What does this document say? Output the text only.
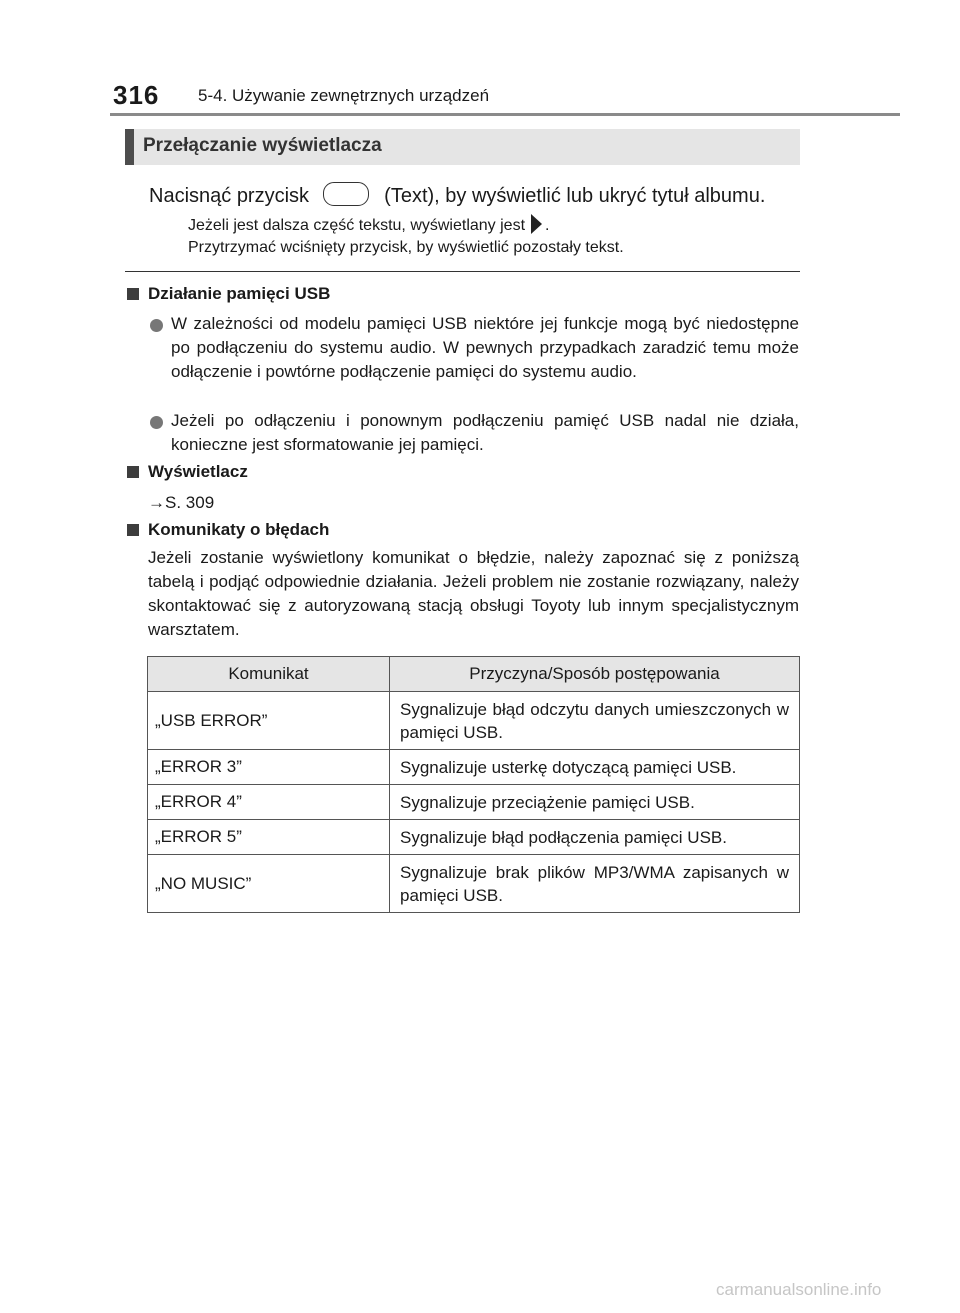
316 5-4. Używanie zewnętrznych urządzeń
Przełączanie wyświetlacza
Nacisnąć przycisk	(Text), by wyświetlić lub ukryć tytuł albumu.
Jeżeli jest dalsza część tekstu, wyświetlany jest .
Przytrzymać wciśnięty przycisk, by wyświetlić pozostały tekst.
Działanie pamięci USB
W zależności od modelu pamięci USB niektóre jej funkcje mogą być niedostępne po podłączeniu do systemu audio. W pewnych przypadkach zaradzić temu może odłączenie i powtórne podłączenie pamięci do systemu audio.
Jeżeli po odłączeniu i ponownym podłączeniu pamięć USB nadal nie działa, konieczne jest sformatowanie jej pamięci.
Wyświetlacz
→S. 309
Komunikaty o błędach
Jeżeli zostanie wyświetlony komunikat o błędzie, należy zapoznać się z poniższą tabelą i podjąć odpowiednie działania. Jeżeli problem nie zostanie rozwiązany, należy skontaktować się z autoryzowaną stacją obsługi Toyoty lub innym specjalistycznym warsztatem.
Komunikat	Przyczyna/Sposób postępowania
„USB ERROR”	Sygnalizuje błąd odczytu danych umieszczonych w pamięci USB.
„ERROR 3”	Sygnalizuje usterkę dotyczącą pamięci USB.
„ERROR 4”	Sygnalizuje przeciążenie pamięci USB.
„ERROR 5”	Sygnalizuje błąd podłączenia pamięci USB.
„NO MUSIC”	Sygnalizuje brak plików MP3/WMA zapisanych w pamięci USB.
carmanualsonline.info
